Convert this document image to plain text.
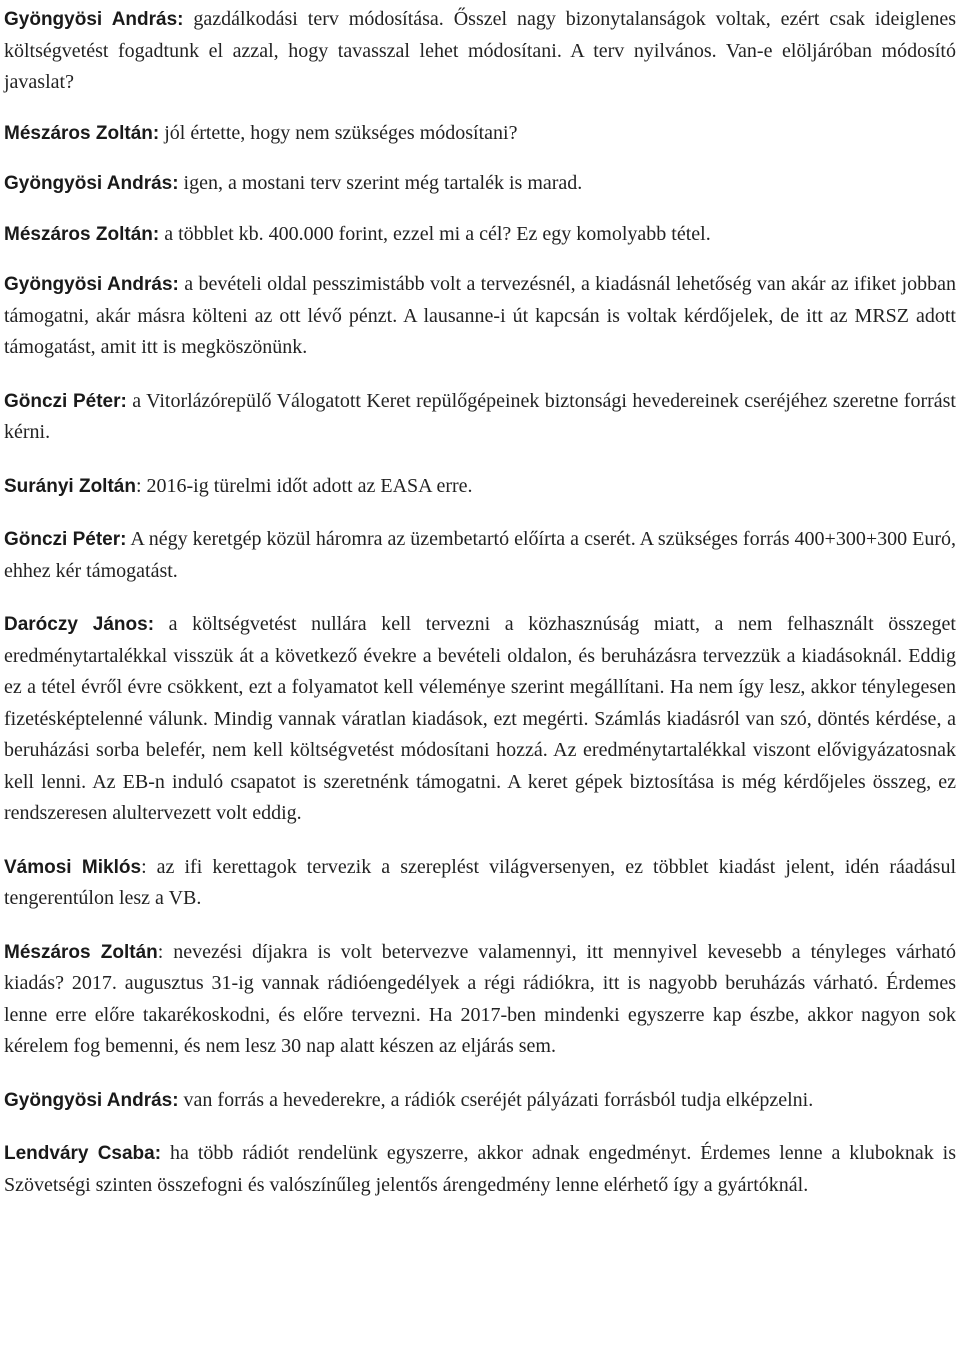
Gyöngyösi András: gazdálkodási terv módosítása. Ősszel nagy bizonytalanságok voltak, ezért csak ideiglenes költségvetést fogadtunk el azzal, hogy tavasszal lehet módosítani. A terv nyilvános. Van-e elöljáróban módosító javaslat?

Mészáros Zoltán: jól értette, hogy nem szükséges módosítani?

Gyöngyösi András: igen, a mostani terv szerint még tartalék is marad.

Mészáros Zoltán: a többlet kb. 400.000 forint, ezzel mi a cél? Ez egy komolyabb tétel.

Gyöngyösi András: a bevételi oldal pesszimistább volt a tervezésnél, a kiadásnál lehetőség van akár az ifiket jobban támogatni, akár másra költeni az ott lévő pénzt. A lausanne-i út kapcsán is voltak kérdőjelek, de itt az MRSZ adott támogatást, amit itt is megköszönünk.

Gönczi Péter: a Vitorlázórepülő Válogatott Keret repülőgépeinek biztonsági hevedereinek cseréjéhez szeretne forrást kérni.

Surányi Zoltán: 2016-ig türelmi időt adott az EASA erre.

Gönczi Péter: A négy keretgép közül háromra az üzembetartó előírta a cserét. A szükséges forrás 400+300+300 Euró, ehhez kér támogatást.

Daróczy János: a költségvetést nullára kell tervezni a közhasznúság miatt, a nem felhasznált összeget eredménytartalékkal visszük át a következő évekre a bevételi oldalon, és beruházásra tervezzük a kiadásoknál. Eddig ez a tétel évről évre csökkent, ezt a folyamatot kell véleménye szerint megállítani. Ha nem így lesz, akkor ténylegesen fizetésképtelenné válunk. Mindig vannak váratlan kiadások, ezt megérti. Számlás kiadásról van szó, döntés kérdése, a beruházási sorba belefér, nem kell költségvetést módosítani hozzá. Az eredménytartalékkal viszont elővigyázatosnak kell lenni. Az EB-n induló csapatot is szeretnénk támogatni. A keret gépek biztosítása is még kérdőjeles összeg, ez rendszeresen alultervezett volt eddig.

Vámosi Miklós: az ifi kerettagok tervezik a szereplést világversenyen, ez többlet kiadást jelent, idén ráadásul tengerentúlon lesz a VB.

Mészáros Zoltán: nevezési díjakra is volt betervezve valamennyi, itt mennyivel kevesebb a tényleges várható kiadás? 2017. augusztus 31-ig vannak rádióengedélyek a régi rádiókra, itt is nagyobb beruházás várható. Érdemes lenne erre előre takarékoskodni, és előre tervezni. Ha 2017-ben mindenki egyszerre kap észbe, akkor nagyon sok kérelem fog bemenni, és nem lesz 30 nap alatt készen az eljárás sem.

Gyöngyösi András: van forrás a hevederekre, a rádiók cseréjét pályázati forrásból tudja elképzelni.

Lendváry Csaba: ha több rádiót rendelünk egyszerre, akkor adnak engedményt. Érdemes lenne a kluboknak is Szövetségi szinten összefogni és valószínűleg jelentős árengedmény lenne elérhető így a gyártóknál.
